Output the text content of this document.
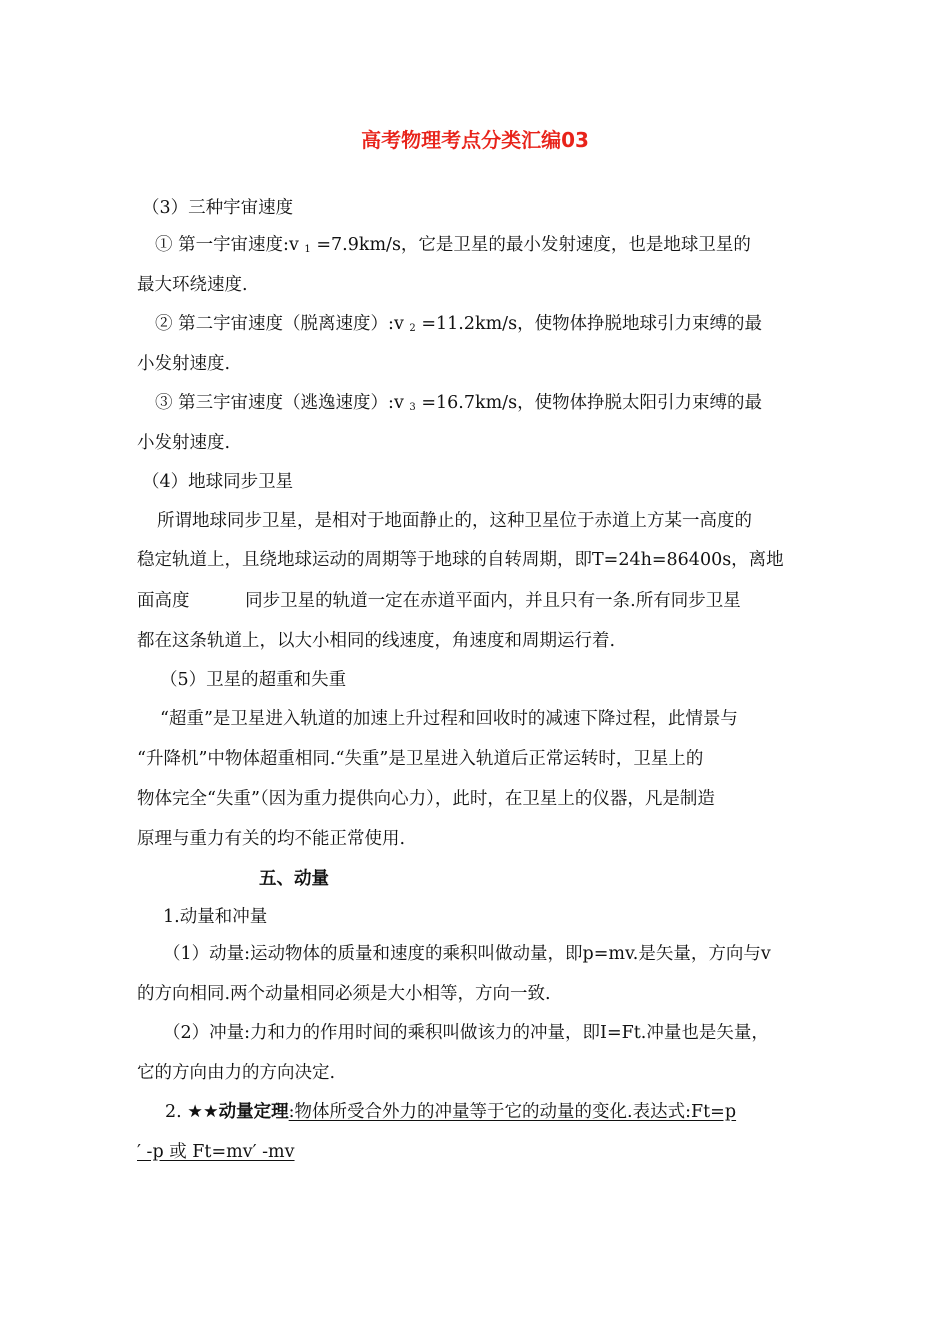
高考物理考点分类汇编03
（3）三种宇宙速度
① 第一宇宙速度:v $_1$ =7.9km/s，它是卫星的最小发射速度，也是地球卫星的
最大环绕速度.
② 第二宇宙速度（脱离速度）:v $_2$ =11.2km/s，使物体挣脱地球引力束缚的最
小发射速度.
③ 第三宇宙速度（逃逸速度）:v $_3$ =16.7km/s，使物体挣脱太阳引力束缚的最
小发射速度.
（4）地球同步卫星
所谓地球同步卫星，是相对于地面静止的，这种卫星位于赤道上方某一高度的
稳定轨道上，且绕地球运动的周期等于地球的自转周期，即T=24h=86400s，离地
面高度          同步卫星的轨道一定在赤道平面内，并且只有一条.所有同步卫星
都在这条轨道上，以大小相同的线速度，角速度和周期运行着.
（5）卫星的超重和失重
“超重”是卫星进入轨道的加速上升过程和回收时的减速下降过程，此情景与
“升降机”中物体超重相同.“失重”是卫星进入轨道后正常运转时，卫星上的
物体完全“失重”（因为重力提供向心力），此时，在卫星上的仪器，凡是制造
原理与重力有关的均不能正常使用.
五、动量
1.动量和冲量
（1）动量:运动物体的质量和速度的乘积叫做动量，即p=mv.是矢量，方向与v
的方向相同.两个动量相同必须是大小相等，方向一致.
（2）冲量:力和力的作用时间的乘积叫做该力的冲量，即I=Ft.冲量也是矢量，
它的方向由力的方向决定.
2. ★★动量定理:物体所受合外力的冲量等于它的动量的变化.表达式:Ft=p
′ -p 或 Ft=mv′ -mv
